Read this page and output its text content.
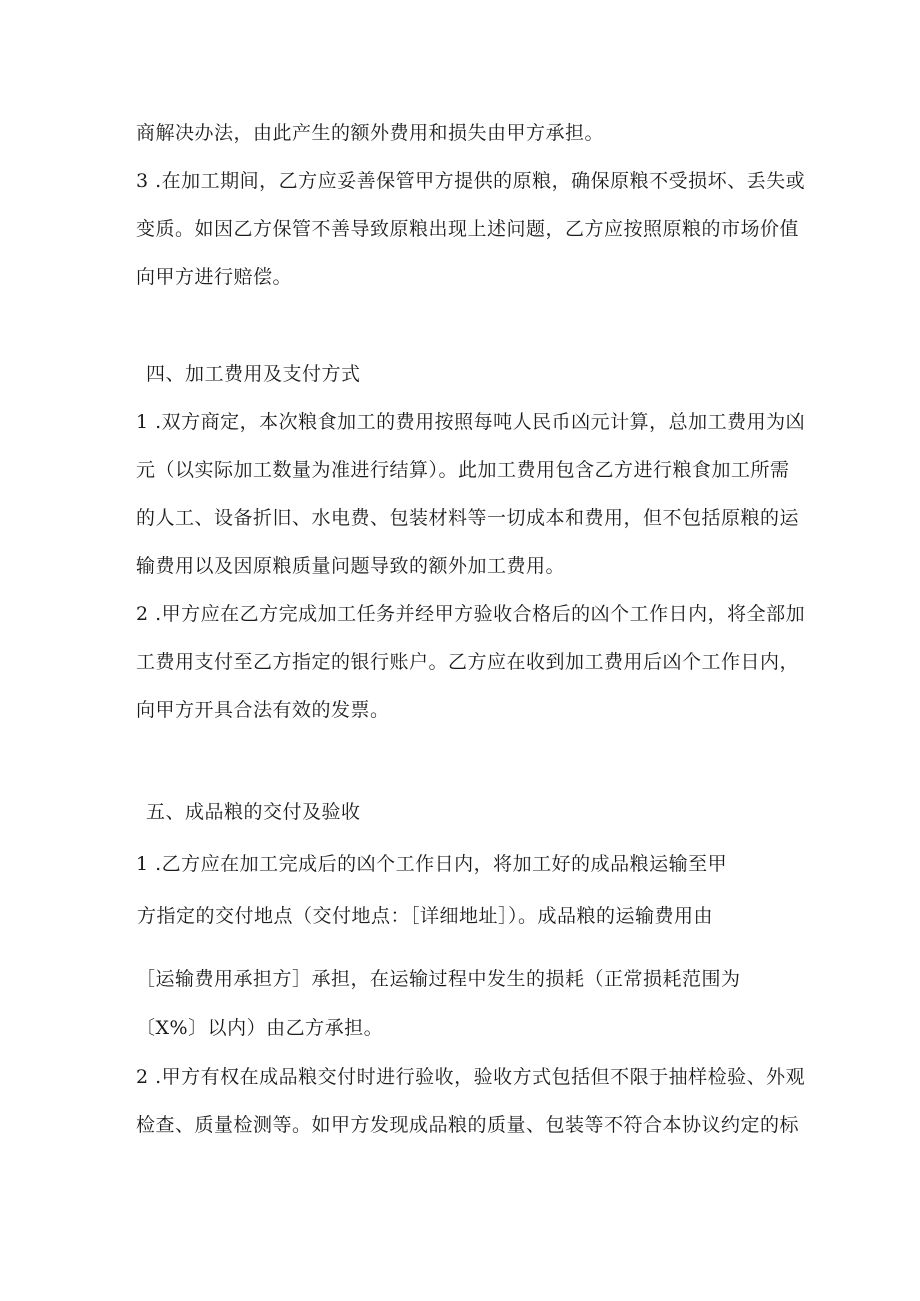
商解决办法，由此产生的额外费用和损失由甲方承担。
3 .在加工期间，乙方应妥善保管甲方提供的原粮，确保原粮不受损坏、丢失或
变质。如因乙方保管不善导致原粮出现上述问题，乙方应按照原粮的市场价值
向甲方进行赔偿。
四、加工费用及支付方式
1 .双方商定，本次粮食加工的费用按照每吨人民币凶元计算，总加工费用为凶
元（以实际加工数量为准进行结算）。此加工费用包含乙方进行粮食加工所需
的人工、设备折旧、水电费、包装材料等一切成本和费用，但不包括原粮的运
输费用以及因原粮质量问题导致的额外加工费用。
2 .甲方应在乙方完成加工任务并经甲方验收合格后的凶个工作日内，将全部加
工费用支付至乙方指定的银行账户。乙方应在收到加工费用后凶个工作日内，
向甲方开具合法有效的发票。
五、成品粮的交付及验收
1 .乙方应在加工完成后的凶个工作日内，将加工好的成品粮运输至甲
方指定的交付地点（交付地点：［详细地址］）。成品粮的运输费用由
［运输费用承担方］承担，在运输过程中发生的损耗（正常损耗范围为
〔X%〕以内）由乙方承担。
2 .甲方有权在成品粮交付时进行验收，验收方式包括但不限于抽样检验、外观
检查、质量检测等。如甲方发现成品粮的质量、包装等不符合本协议约定的标
